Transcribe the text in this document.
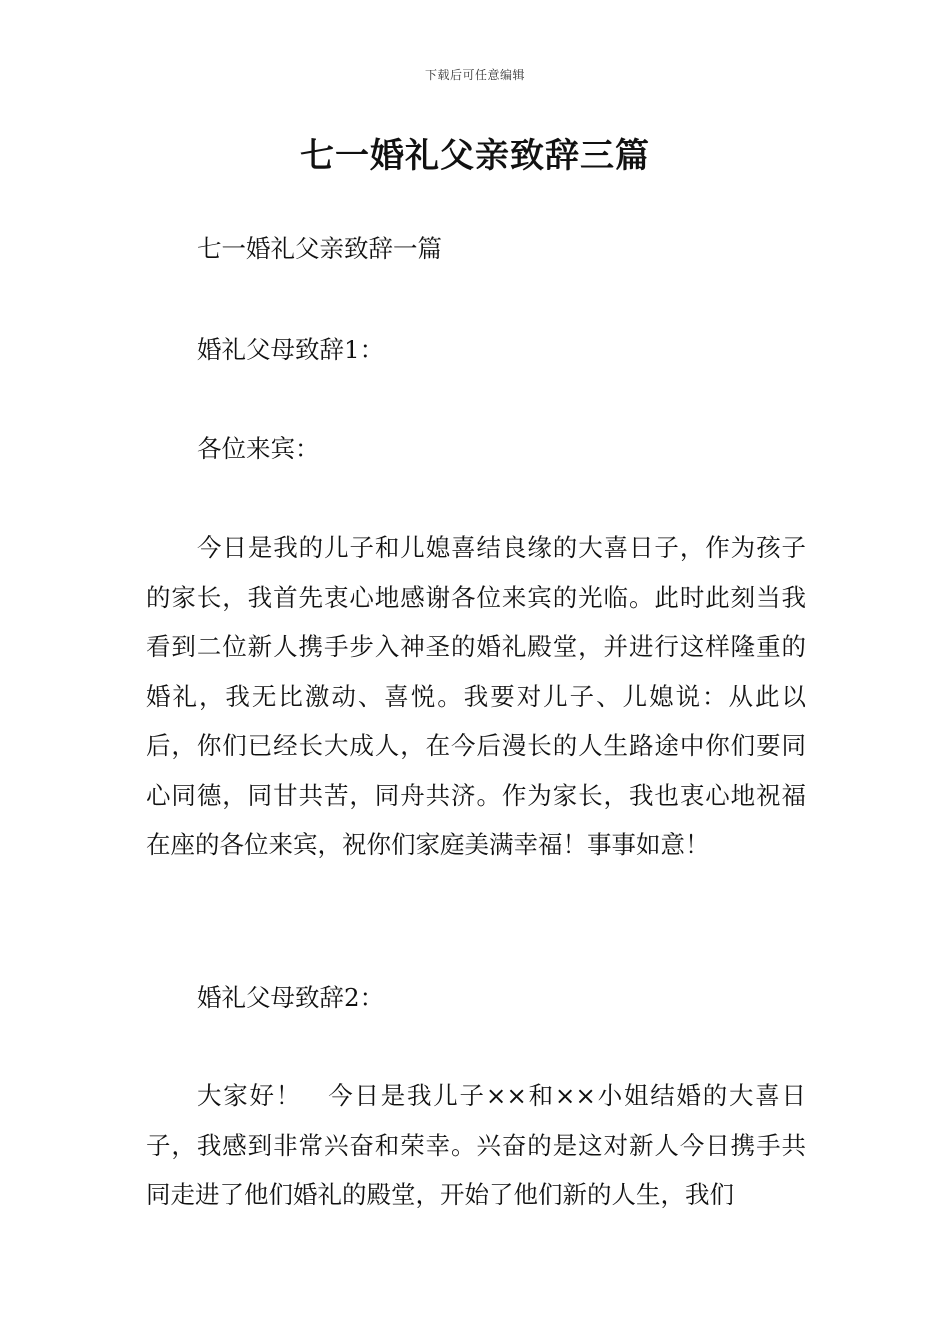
下载后可任意编辑
七一婚礼父亲致辞三篇

七一婚礼父亲致辞一篇

婚礼父母致辞1：

各位来宾：

今日是我的儿子和儿媳喜结良缘的大喜日子，作为孩子的家长，我首先衷心地感谢各位来宾的光临。此时此刻当我看到二位新人携手步入神圣的婚礼殿堂，并进行这样隆重的婚礼，我无比激动、喜悦。我要对儿子、儿媳说：从此以后，你们已经长大成人，在今后漫长的人生路途中你们要同心同德，同甘共苦，同舟共济。作为家长，我也衷心地祝福在座的各位来宾，祝你们家庭美满幸福！事事如意！

婚礼父母致辞2：

大家好！　今日是我儿子××和××小姐结婚的大喜日子，我感到非常兴奋和荣幸。兴奋的是这对新人今日携手共同走进了他们婚礼的殿堂，开始了他们新的人生，我们
